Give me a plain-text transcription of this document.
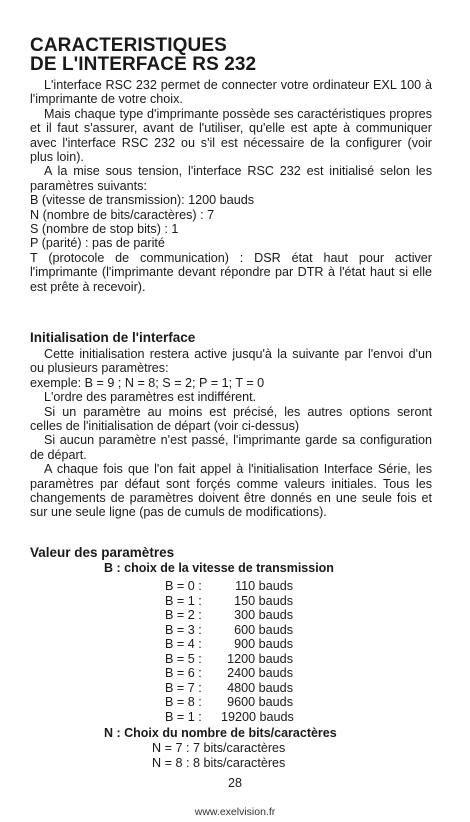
CARACTERISTIQUES
DE L'INTERFACE RS 232

L'interface RSC 232 permet de connecter votre ordinateur EXL 100 à l'imprimante de votre choix.

Mais chaque type d'imprimante possède ses caractéristiques propres et il faut s'assurer, avant de l'utiliser, qu'elle est apte à communiquer avec l'interface RSC 232 ou s'il est nécessaire de la configurer (voir plus loin).

A la mise sous tension, l'interface RSC 232 est initialisé selon les paramètres suivants:

B (vitesse de transmission): 1200 bauds
N (nombre de bits/caractères) : 7
S (nombre de stop bits) : 1
P (parité) : pas de parité

T (protocole de communication) : DSR état haut pour activer l'imprimante (l'imprimante devant répondre par DTR à l'état haut si elle est prête à recevoir).

Initialisation de l'interface

Cette initialisation restera active jusqu'à la suivante par l'envoi d'un ou plusieurs paramètres:

exemple: B = 9 ; N = 8; S = 2; P = 1; T = 0

L'ordre des paramètres est indifférent.

Si un paramètre au moins est précisé, les autres options seront celles de l'initialisation de départ (voir ci-dessus)

Si aucun paramètre n'est passé, l'imprimante garde sa configuration de départ.

A chaque fois que l'on fait appel à l'initialisation Interface Série, les paramètres par défaut sont forçés comme valeurs initiales. Tous les changements de paramètres doivent être donnés en une seule fois et sur une seule ligne (pas de cumuls de modifications).

Valeur des paramètres
B : choix de la vitesse de transmission
B = 0 :	110 bauds
B = 1 :	150 bauds
B = 2 :	300 bauds
B = 3 :	600 bauds
B = 4 :	900 bauds
B = 5 :	1200 bauds
B = 6 :	2400 bauds
B = 7 :	4800 bauds
B = 8 :	9600 bauds
B = 1 :	19200 bauds
N : Choix du nombre de bits/caractères
N = 7 : 7 bits/caractères
N = 8 : 8 bits/caractères
28
www.exelvision.fr
